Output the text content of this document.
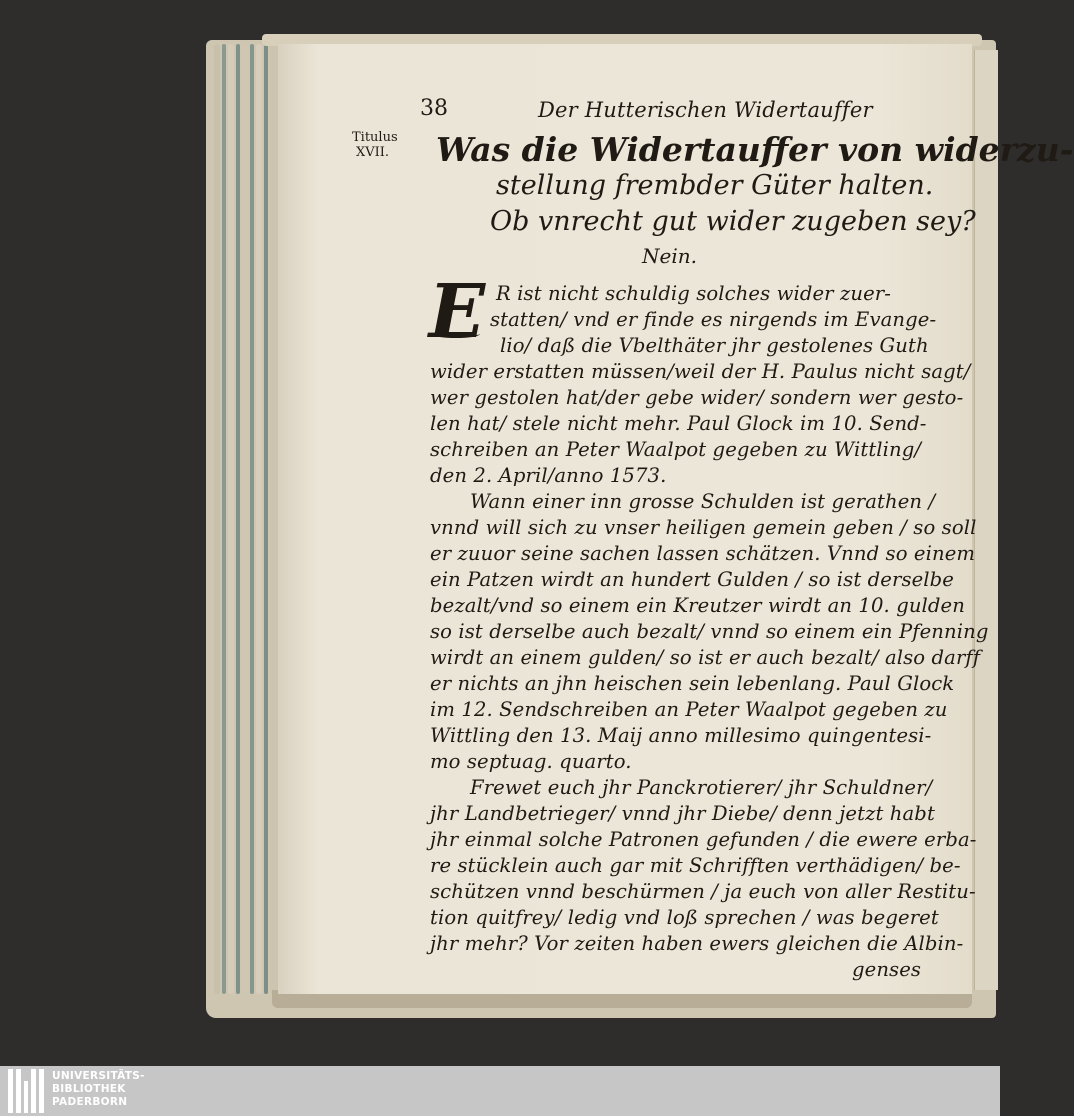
38	Der Hutterischen Widertauffer
Titulus
XVII. Was die Widertauffer von widerzu-
stellung frembder Güter halten.
Ob vnrecht gut wider zugeben sey?
Nein.
E R ist nicht schuldig solches wider zuer-
statten/ vnd er finde es nirgends im Evange-
lio/ daß die Vbelthäter jhr gestolenes Guth
wider erstatten müssen/weil der H. Paulus nicht sagt/
wer gestolen hat/der gebe wider/ sondern wer gesto-
len hat/ stele nicht mehr. Paul Glock im 10. Send-
schreiben an Peter Waalpot gegeben zu Wittling/
den 2. April/anno 1573.
Wann einer inn grosse Schulden ist gerathen /
vnnd will sich zu vnser heiligen gemein geben / so soll
er zuuor seine sachen lassen schätzen. Vnnd so einem
ein Patzen wirdt an hundert Gulden / so ist derselbe
bezalt/vnd so einem ein Kreutzer wirdt an 10. gulden
so ist derselbe auch bezalt/ vnnd so einem ein Pfenning
wirdt an einem gulden/ so ist er auch bezalt/ also darff
er nichts an jhn heischen sein lebenlang. Paul Glock
im 12. Sendschreiben an Peter Waalpot gegeben zu
Wittling den 13. Maij anno millesimo quingentesi-
mo septuag. quarto.
Frewet euch jhr Panckrotierer/ jhr Schuldner/
jhr Landbetrieger/ vnnd jhr Diebe/ denn jetzt habt
jhr einmal solche Patronen gefunden / die ewere erba-
re stücklein auch gar mit Schrifften verthädigen/ be-
schützen vnnd beschürmen / ja euch von aller Restitu-
tion quitfrey/ ledig vnd loß sprechen / was begeret
jhr mehr? Vor zeiten haben ewers gleichen die Albin-
genses
UNIVERSITÄTS-
BIBLIOTHEK
PADERBORN
